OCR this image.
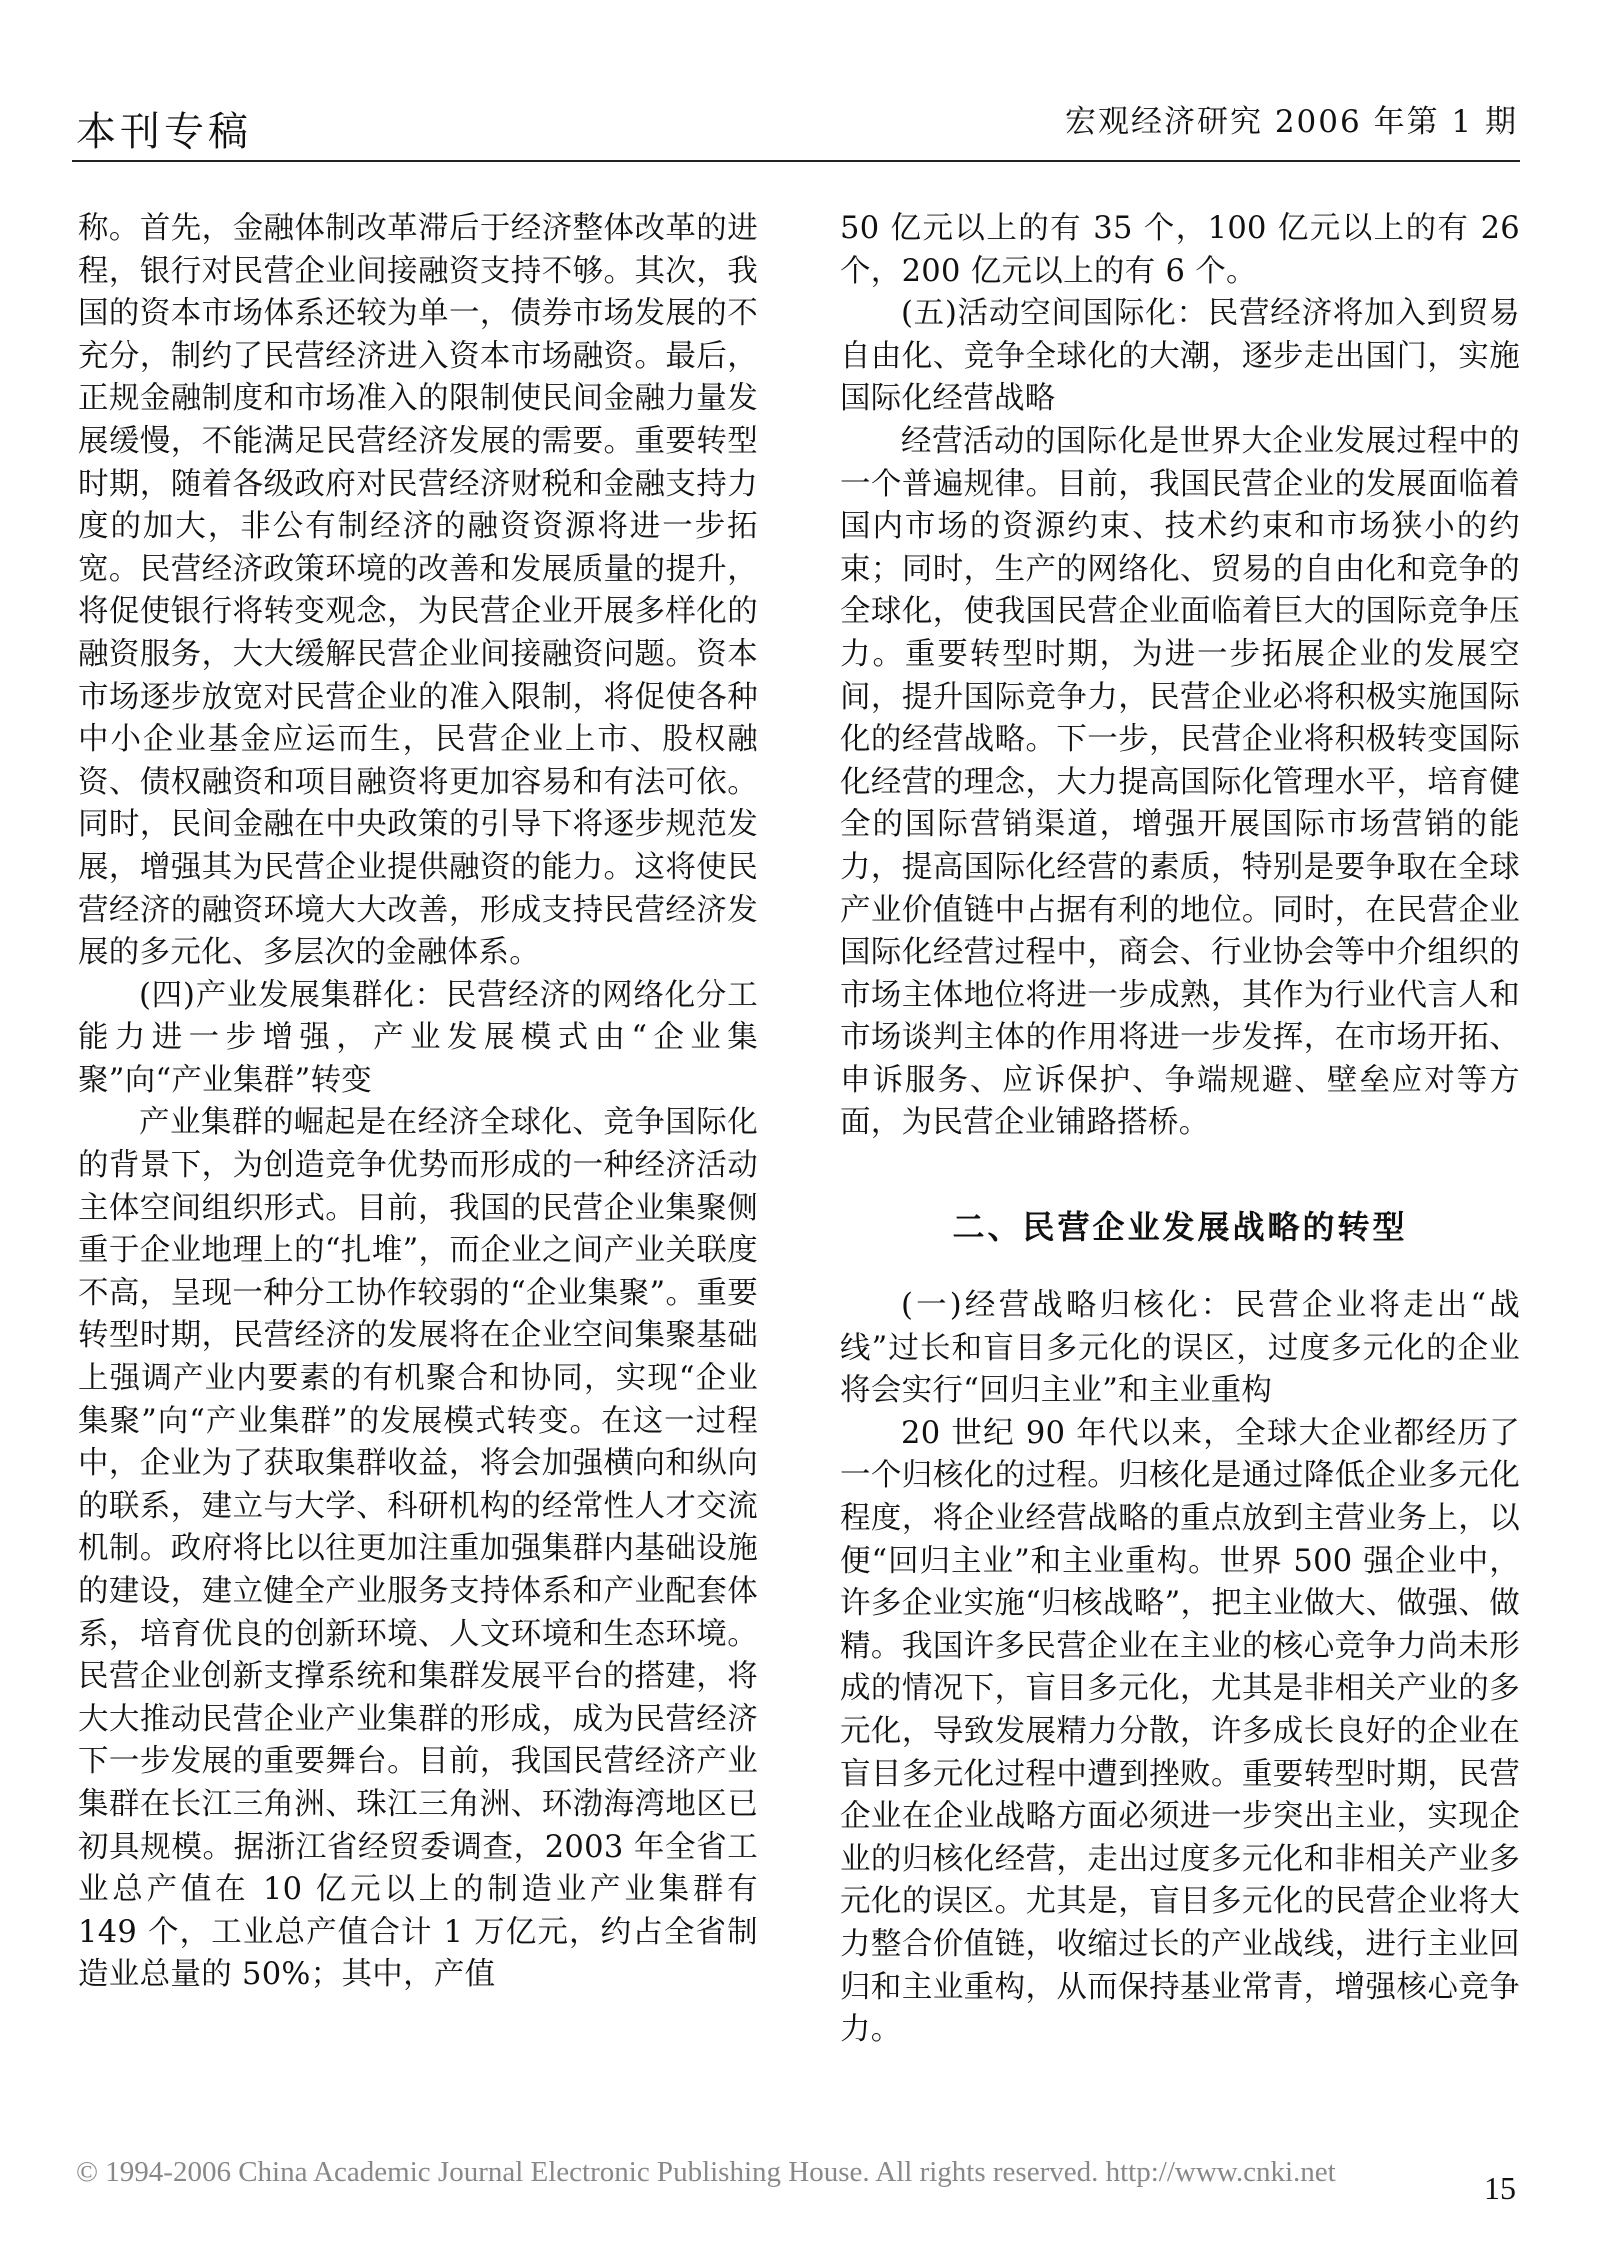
本刊专稿	宏观经济研究 2006 年第 1 期

称。首先，金融体制改革滞后于经济整体改革的进程，银行对民营企业间接融资支持不够。其次，我国的资本市场体系还较为单一，债券市场发展的不充分，制约了民营经济进入资本市场融资。最后，正规金融制度和市场准入的限制使民间金融力量发展缓慢，不能满足民营经济发展的需要。重要转型时期，随着各级政府对民营经济财税和金融支持力度的加大，非公有制经济的融资资源将进一步拓宽。民营经济政策环境的改善和发展质量的提升，将促使银行将转变观念，为民营企业开展多样化的融资服务，大大缓解民营企业间接融资问题。资本市场逐步放宽对民营企业的准入限制，将促使各种中小企业基金应运而生，民营企业上市、股权融资、债权融资和项目融资将更加容易和有法可依。同时，民间金融在中央政策的引导下将逐步规范发展，增强其为民营企业提供融资的能力。这将使民营经济的融资环境大大改善，形成支持民营经济发展的多元化、多层次的金融体系。

(四)产业发展集群化：民营经济的网络化分工能力进一步增强，产业发展模式由“企业集聚”向“产业集群”转变

产业集群的崛起是在经济全球化、竞争国际化的背景下，为创造竞争优势而形成的一种经济活动主体空间组织形式。目前，我国的民营企业集聚侧重于企业地理上的“扎堆”，而企业之间产业关联度不高，呈现一种分工协作较弱的“企业集聚”。重要转型时期，民营经济的发展将在企业空间集聚基础上强调产业内要素的有机聚合和协同，实现“企业集聚”向“产业集群”的发展模式转变。在这一过程中，企业为了获取集群收益，将会加强横向和纵向的联系，建立与大学、科研机构的经常性人才交流机制。政府将比以往更加注重加强集群内基础设施的建设，建立健全产业服务支持体系和产业配套体系，培育优良的创新环境、人文环境和生态环境。民营企业创新支撑系统和集群发展平台的搭建，将大大推动民营企业产业集群的形成，成为民营经济下一步发展的重要舞台。目前，我国民营经济产业集群在长江三角洲、珠江三角洲、环渤海湾地区已初具规模。据浙江省经贸委调查，2003 年全省工业总产值在 10 亿元以上的制造业产业集群有 149 个，工业总产值合计 1 万亿元，约占全省制造业总量的 50%；其中，产值

50 亿元以上的有 35 个，100 亿元以上的有 26 个，200 亿元以上的有 6 个。

(五)活动空间国际化：民营经济将加入到贸易自由化、竞争全球化的大潮，逐步走出国门，实施国际化经营战略

经营活动的国际化是世界大企业发展过程中的一个普遍规律。目前，我国民营企业的发展面临着国内市场的资源约束、技术约束和市场狭小的约束；同时，生产的网络化、贸易的自由化和竞争的全球化，使我国民营企业面临着巨大的国际竞争压力。重要转型时期，为进一步拓展企业的发展空间，提升国际竞争力，民营企业必将积极实施国际化的经营战略。下一步，民营企业将积极转变国际化经营的理念，大力提高国际化管理水平，培育健全的国际营销渠道，增强开展国际市场营销的能力，提高国际化经营的素质，特别是要争取在全球产业价值链中占据有利的地位。同时，在民营企业国际化经营过程中，商会、行业协会等中介组织的市场主体地位将进一步成熟，其作为行业代言人和市场谈判主体的作用将进一步发挥，在市场开拓、申诉服务、应诉保护、争端规避、壁垒应对等方面，为民营企业铺路搭桥。

二、民营企业发展战略的转型

(一)经营战略归核化：民营企业将走出“战线”过长和盲目多元化的误区，过度多元化的企业将会实行“回归主业”和主业重构

20 世纪 90 年代以来，全球大企业都经历了一个归核化的过程。归核化是通过降低企业多元化程度，将企业经营战略的重点放到主营业务上，以便“回归主业”和主业重构。世界 500 强企业中，许多企业实施“归核战略”，把主业做大、做强、做精。我国许多民营企业在主业的核心竞争力尚未形成的情况下，盲目多元化，尤其是非相关产业的多元化，导致发展精力分散，许多成长良好的企业在盲目多元化过程中遭到挫败。重要转型时期，民营企业在企业战略方面必须进一步突出主业，实现企业的归核化经营，走出过度多元化和非相关产业多元化的误区。尤其是，盲目多元化的民营企业将大力整合价值链，收缩过长的产业战线，进行主业回归和主业重构，从而保持基业常青，增强核心竞争力。

© 1994-2006 China Academic Journal Electronic Publishing House. All rights reserved. http://www.cnki.net	15
